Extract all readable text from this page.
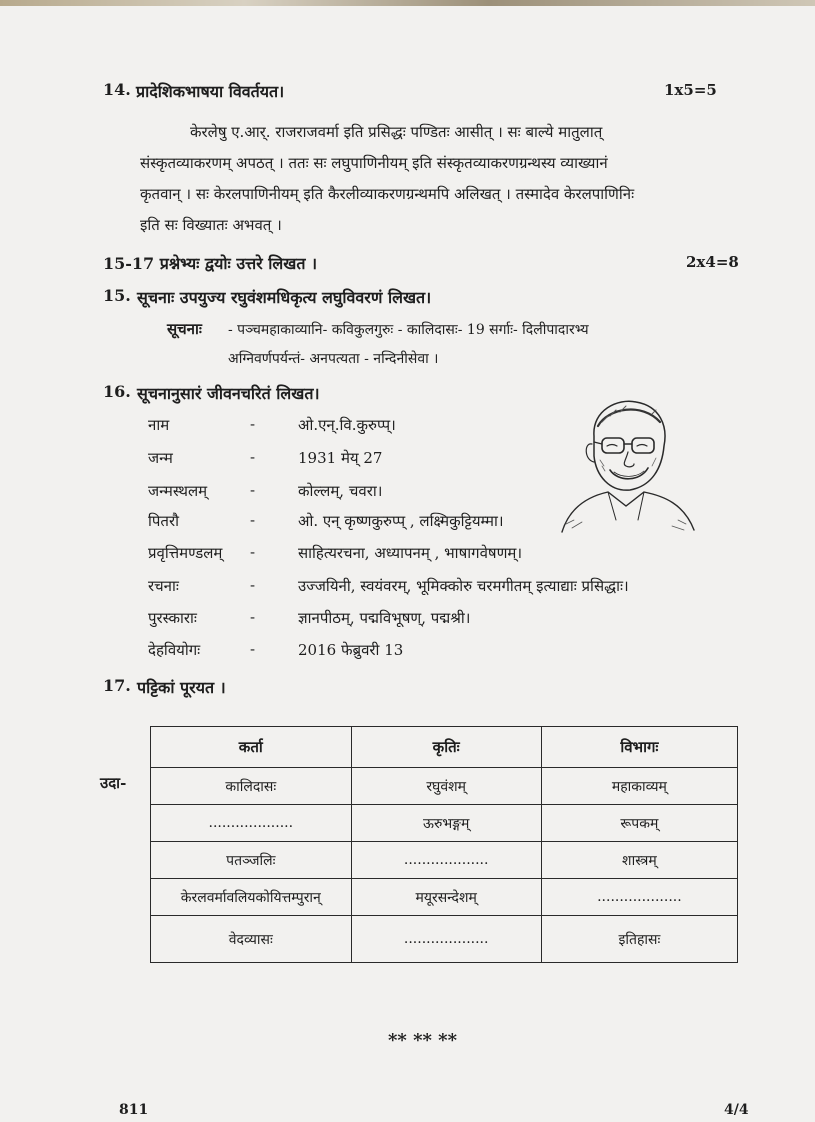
14. प्रादेशिकभाषया विवर्तयत।	1x5=5
केरलेषु ए.आर्. राजराजवर्मा इति प्रसिद्धः पण्डितः आसीत् । सः बाल्ये मातुलात्
संस्कृतव्याकरणम् अपठत् । ततः सः लघुपाणिनीयम् इति संस्कृतव्याकरणग्रन्थस्य व्याख्यानं
कृतवान् । सः केरलपाणिनीयम् इति कैरलीव्याकरणग्रन्थमपि अलिखत् । तस्मादेव केरलपाणिनिः
इति सः विख्यातः अभवत् ।
15-17 प्रश्नेभ्यः द्वयोः उत्तरे लिखत ।	2x4=8
15. सूचनाः उपयुज्य रघुवंशमधिकृत्य लघुविवरणं लिखत।
सूचनाः - पञ्चमहाकाव्यानि- कविकुलगुरुः - कालिदासः- 19 सर्गाः- दिलीपादारभ्य
अग्निवर्णपर्यन्तं- अनपत्यता - नन्दिनीसेवा ।
16. सूचनानुसारं जीवनचरितं लिखत।
नाम	-	ओ.एन्.वि.कुरुप्प्।
जन्म	-	1931 मेय् 27
जन्मस्थलम्	-	कोल्लम्, चवरा।
पितरौ	-	ओ. एन् कृष्णकुरुप्प् , लक्ष्मिकुट्टियम्मा।
प्रवृत्तिमण्डलम् -	साहित्यरचना, अध्यापनम् , भाषागवेषणम्।
रचनाः	-	उज्जयिनी, स्वयंवरम्, भूमिक्कोरु चरमगीतम् इत्याद्याः प्रसिद्धाः।
पुरस्काराः	-	ज्ञानपीठम्, पद्मविभूषण्, पद्मश्री।
देहवियोगः	-	2016 फेब्रुवरी 13
17. पट्टिकां पूरयत ।
उदा-
कर्ता	कृतिः	विभागः
कालिदासः	रघुवंशम्	महाकाव्यम्
...................	ऊरुभङ्गम्	रूपकम्
पतञ्जलिः	...................	शास्त्रम्
केरलवर्मावलियकोयित्तम्पुरान्	मयूरसन्देशम्	...................
वेदव्यासः	...................	इतिहासः
** ** **
811	4/4
